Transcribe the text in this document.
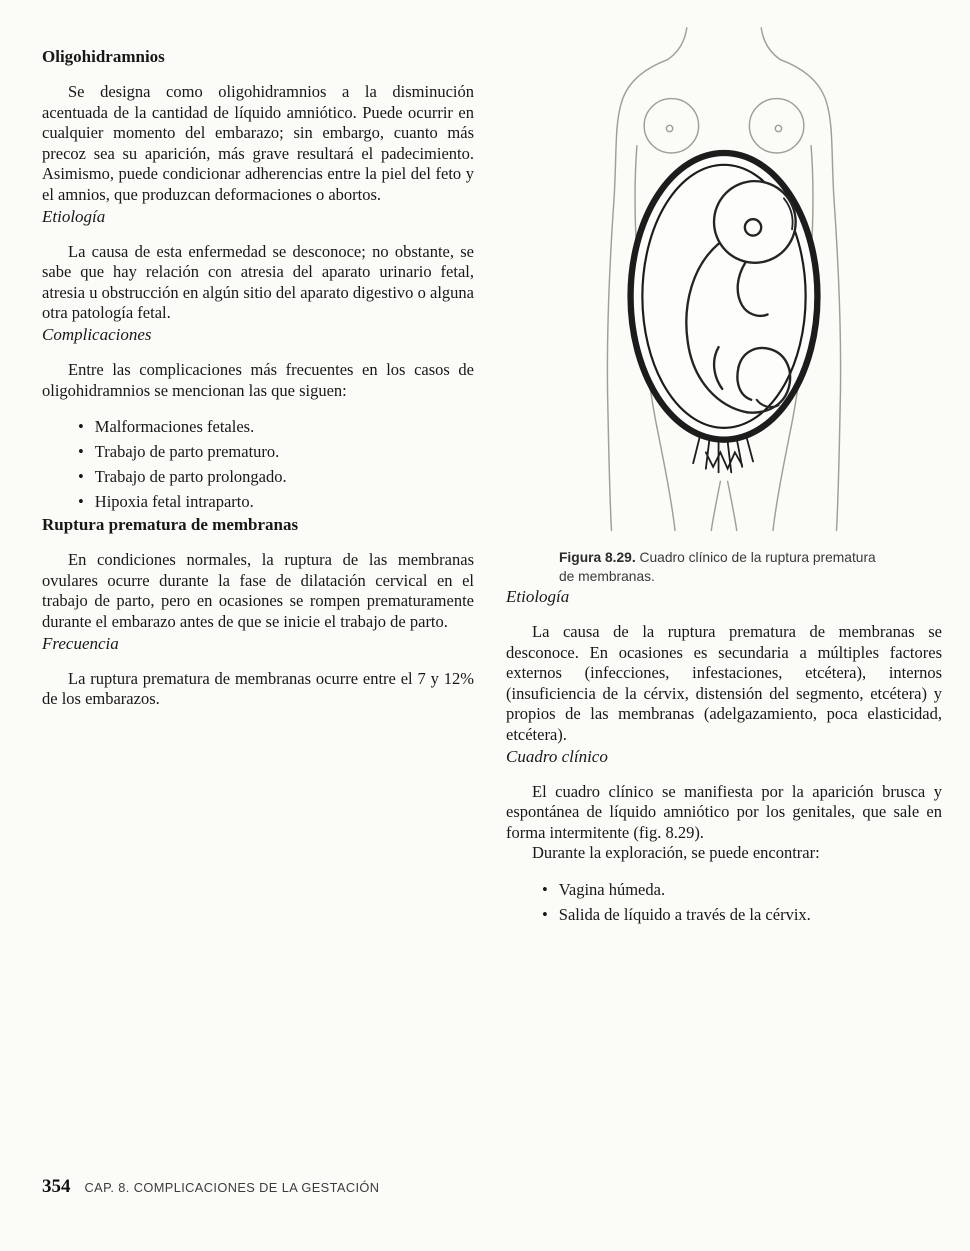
Oligohidramnios

Se designa como oligohidramnios a la disminución acentuada de la cantidad de líquido amniótico. Puede ocurrir en cualquier momento del embarazo; sin embargo, cuanto más precoz sea su aparición, más grave resultará el padecimiento. Asimismo, puede condicionar adherencias entre la piel del feto y el amnios, que produzcan deformaciones o abortos.

Etiología

La causa de esta enfermedad se desconoce; no obstante, se sabe que hay relación con atresia del aparato urinario fetal, atresia u obstrucción en algún sitio del aparato digestivo o alguna otra patología fetal.

Complicaciones

Entre las complicaciones más frecuentes en los casos de oligohidramnios se mencionan las que siguen:

• Malformaciones fetales.
• Trabajo de parto prematuro.
• Trabajo de parto prolongado.
• Hipoxia fetal intraparto.
Ruptura prematura de membranas

En condiciones normales, la ruptura de las membranas ovulares ocurre durante la fase de dilatación cervical en el trabajo de parto, pero en ocasiones se rompen prematuramente durante el embarazo antes de que se inicie el trabajo de parto.

Frecuencia

La ruptura prematura de membranas ocurre entre el 7 y 12% de los embarazos.

Figura 8.29. Cuadro clínico de la ruptura prematura de membranas.
Etiología

La causa de la ruptura prematura de membranas se desconoce. En ocasiones es secundaria a múltiples factores externos (infecciones, infestaciones, etcétera), internos (insuficiencia de la cérvix, distensión del segmento, etcétera) y propios de las membranas (adelgazamiento, poca elasticidad, etcétera).

Cuadro clínico

El cuadro clínico se manifiesta por la aparición brusca y espontánea de líquido amniótico por los genitales, que sale en forma intermitente (fig. 8.29).

Durante la exploración, se puede encontrar:

• Vagina húmeda.
• Salida de líquido a través de la cérvix.
354 CAP. 8. COMPLICACIONES DE LA GESTACIÓN
